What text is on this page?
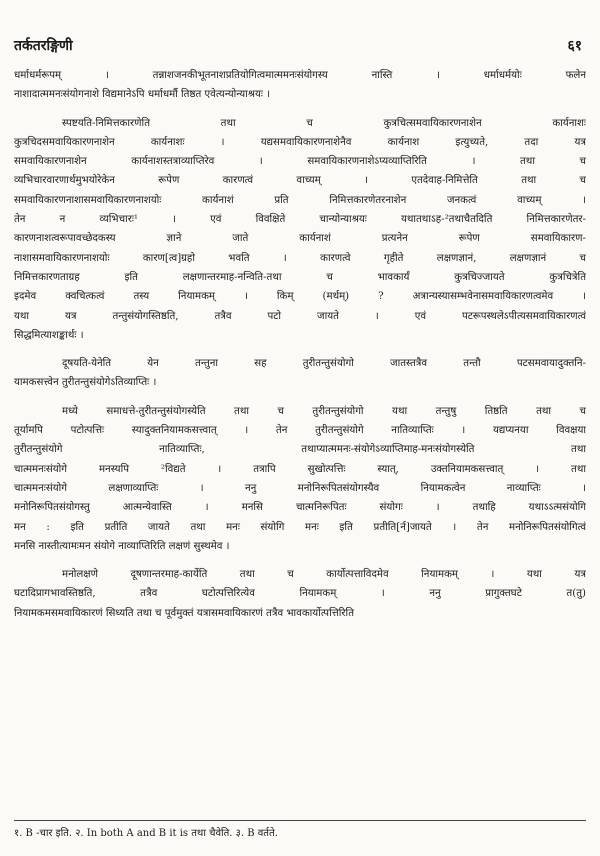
तर्कतरङ्गिणी	६१
धर्माधर्मरूपम् । तन्नाशजनकीभूतनाशप्रतियोगित्वमात्ममनःसंयोगस्य नास्ति । धर्माधर्मयोः फलेन
नाशादात्ममनःसंयोगनाशे विद्यमानेऽपि धर्माधर्मौ तिष्ठत एवेत्यन्योन्याश्रयः ।
स्पष्टयति-निमित्तकारणेति तथा च कुत्रचित्समवायिकारणनाशेन कार्यनाशः
कुत्रचिदसमवायिकारणनाशेन कार्यनाशः । यद्यसमवायिकारणनाशेनैव कार्यनाश इत्युच्यते, तदा यत्र
समवायिकारणनाशेन कार्यनाशस्तत्राव्याप्तिरेव । समवायिकारणनाशेऽप्यव्याप्तिरिति । तथा च
व्यभिचारवारणार्थमुभयोरेकेन रूपेण कारणत्वं वाच्यम् । एतदेवाह-निमित्तेति तथा च
समवायिकारणनाशासमवायिकारणनाशयोः कार्यनाशं प्रति निमित्तकारणेतरनाशेन जनकत्वं वाच्यम् ।
तेन न व्यभिचारः¹ । एवं विवक्षिते चान्योन्याश्रयः यथातथाऽह-²तथाचैतदिति निमित्तकारणेतर-
कारणनाशत्वरूपावच्छेदकस्य ज्ञाने जाते कार्यनाशं प्रत्यनेन रूपेण समवायिकारण-
नाशासमवायिकारणनाशयोः कारण[त्व]ग्रहो भवति । कारणत्वे गृहीते लक्षणज्ञानं, लक्षणज्ञानं च
निमित्तकारणताग्रह इति लक्षणान्तरमाह-नन्विति-तथा च भावकार्यं कुत्रचिज्जायते कुत्रचित्रेति
इदमेव क्वचित्कत्वं तस्य नियामकम् । किम् (मर्थम्) ? अत्रान्यस्यासम्भवेनासमवायिकारणत्वमेव ।
यथा यत्र तन्तुसंयोगस्तिष्ठति, तत्रैव पटो जायते । एवं पटरूपस्थलेऽपीत्यसमवायिकारणत्वं
सिद्धमित्याशङ्कार्थः ।
दूषयति-येनेति येन तन्तुना सह तुरीतन्तुसंयोगो जातस्तत्रैव तन्तौ पटसमवायादुक्तनि-
यामकसत्त्वेन तुरीतन्तुसंयोगेऽतिव्याप्तिः ।
मध्ये समाधत्ते-तुरीतन्तुसंयोगस्येति तथा च तुरीतन्तुसंयोगो यथा तन्तुषु तिष्ठति तथा च
तूर्यामपि पटोत्पत्तिः स्यादुक्तनियामकसत्त्वात् । तेन तुरीतन्तुसंयोगे नातिव्याप्तिः । यद्यप्यनया विवक्षया
तुरीतन्तुसंयोगे नातिव्याप्तिः, तथाप्यात्ममनः-संयोगेऽव्याप्तिमाह-मनःसंयोगस्येति तथा
चात्ममनःसंयोगे मनस्यपि ²विद्यते । तत्रापि सुखोत्पत्तिः स्यात्, उक्तनियामकसत्त्वात् । तथा
चात्ममनःसंयोगे लक्षणाव्याप्तिः । ननु मनोनिरूपितसंयोगस्यैव नियामकत्वेन नाव्याप्तिः ।
मनोनिरूपितसंयोगस्तु आत्मन्येवास्ति । मनसि चात्मनिरूपितः संयोगः । तथाहि यथाऽऽत्मसंयोगि
मन : इति प्रतीति जायते तथा मनः संयोगि मनः इति प्रतीति[र्न]जायते । तेन मनोनिरूपितसंयोगित्वं
मनसि नास्तीत्यामःमन संयोगे नाव्याप्तिरिति लक्षणं सुस्थमेव ।
मनोलक्षणे दूषणान्तरमाह-कार्येति तथा च कार्योत्पत्ताविदमेव नियामकम् । यथा यत्र
घटादिप्रागभावस्तिष्ठति, तत्रैव घटोत्पत्तिरित्येव नियामकम् । ननु प्रागुक्तघटे त(तु)
नियामकमसमवायिकारणं सिध्यति तथा च पूर्वमुक्तं यत्रासमवायिकारणं तत्रैव भावकार्योत्पत्तिरिति
१. B -चार इति. २. In both A and B it is तथा चैवेति. ३. B वर्तते.
